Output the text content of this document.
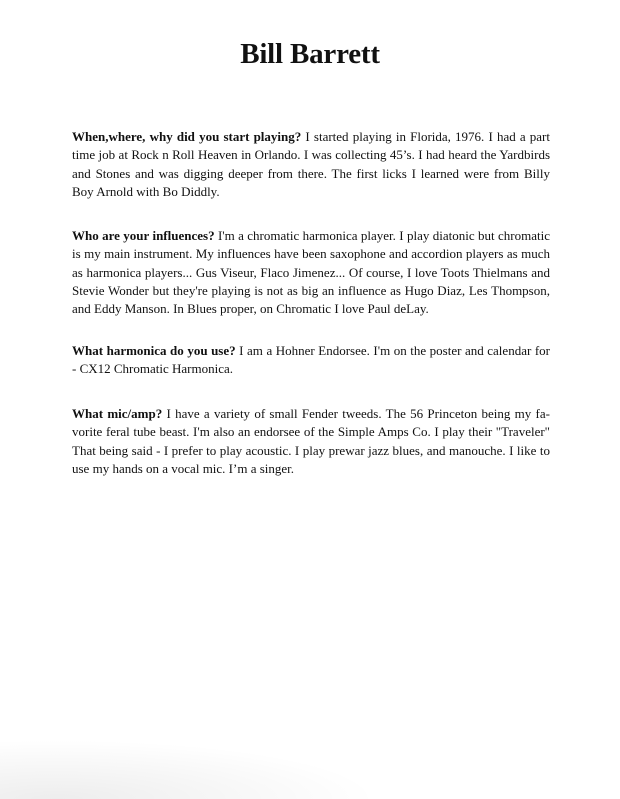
Bill Barrett

When,where, why did you start playing? I started playing in Florida, 1976. I had a part time job at Rock n Roll Heaven in Orlando. I was collecting 45’s. I had heard the Yardbirds and Stones and was digging deeper from there. The first licks I learned were from Billy Boy Arnold with Bo Diddly.

Who are your influences? I'm a chromatic harmonica player. I play diatonic but chromatic is my main instrument. My influences have been saxophone and accordion players as much as harmonica players... Gus Viseur, Flaco Jimenez... Of course, I love Toots Thielmans and Stevie Wonder but they're playing is not as big an influence as Hugo Diaz, Les Thompson, and Eddy Manson. In Blues proper, on Chromatic I love Paul deLay.

What harmonica do you use? I am a Hohner Endorsee. I'm on the poster and calendar for - CX12 Chromatic Harmonica.

What mic/amp? I have a variety of small Fender tweeds. The 56 Princeton being my favorite feral tube beast. I'm also an endorsee of the Simple Amps Co. I play their "Traveler" That being said - I prefer to play acoustic. I play prewar jazz blues, and manouche. I like to use my hands on a vocal mic. I’m a singer.
